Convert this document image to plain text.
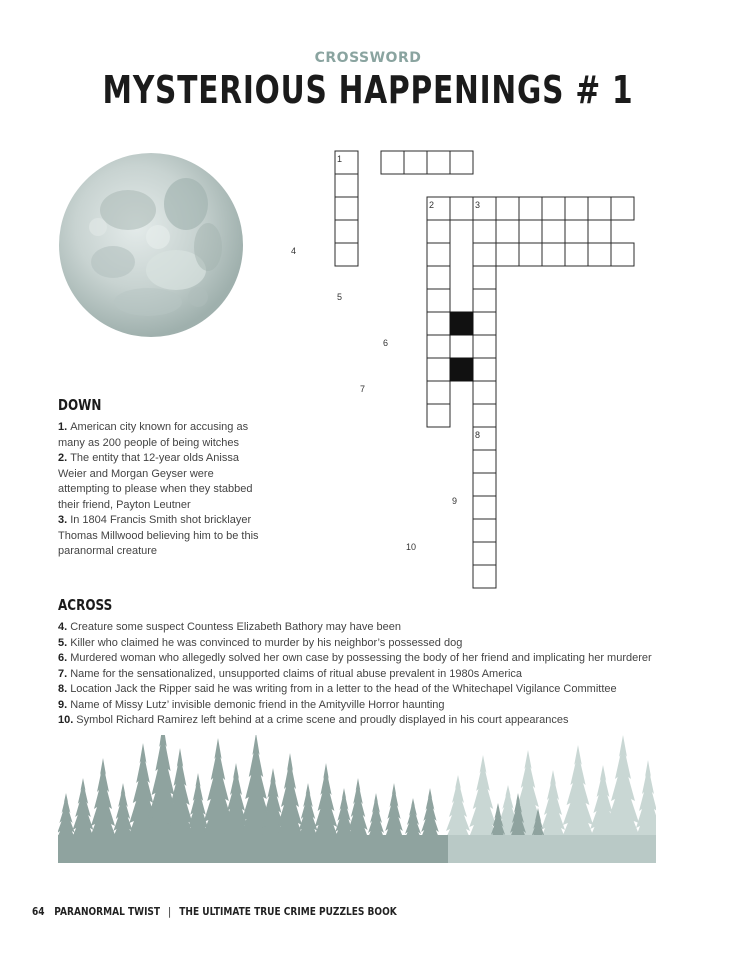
CROSSWORD
MYSTERIOUS HAPPENINGS # 1
1
2	3
4
5
6
7
8
9
10
DOWN
1. American city known for accusing as many as 200 people of being witches
2. The entity that 12-year olds Anissa Weier and Morgan Geyser were attempting to please when they stabbed their friend, Payton Leutner
3. In 1804 Francis Smith shot bricklayer Thomas Millwood believing him to be this paranormal creature
ACROSS
4. Creature some suspect Countess Elizabeth Bathory may have been
5. Killer who claimed he was convinced to murder by his neighbor’s possessed dog
6. Murdered woman who allegedly solved her own case by possessing the body of her friend and implicating her murderer
7. Name for the sensationalized, unsupported claims of ritual abuse prevalent in 1980s America
8. Location Jack the Ripper said he was writing from in a letter to the head of the Whitechapel Vigilance Committee
9. Name of Missy Lutz’ invisible demonic friend in the Amityville Horror haunting
10. Symbol Richard Ramirez left behind at a crime scene and proudly displayed in his court appearances
64 PARANORMAL TWIST | THE ULTIMATE TRUE CRIME PUZZLES BOOK
